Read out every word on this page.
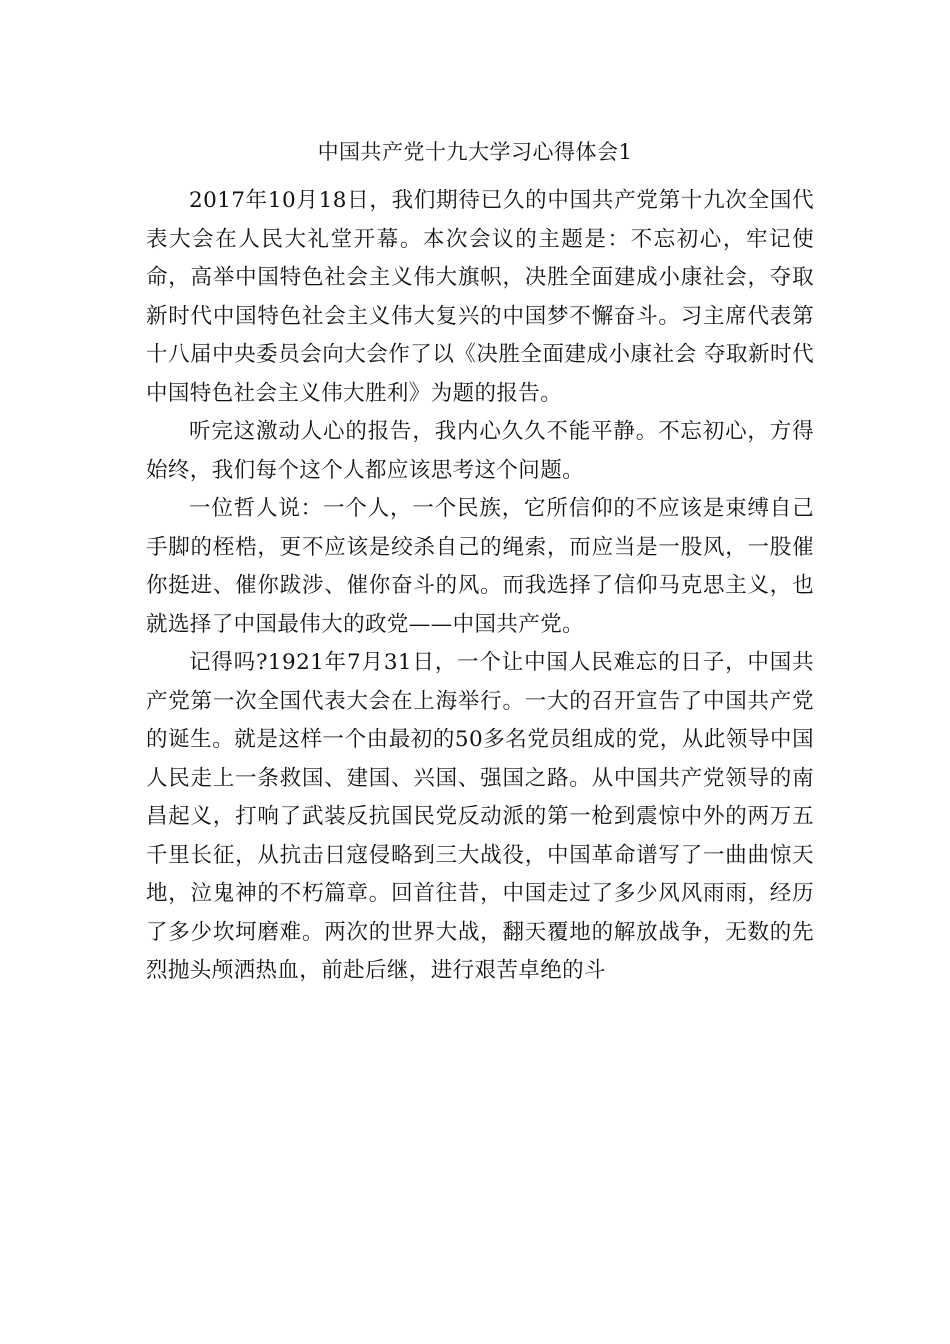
中国共产党十九大学习心得体会1

2017年10月18日，我们期待已久的中国共产党第十九次全国代表大会在人民大礼堂开幕。本次会议的主题是：不忘初心，牢记使命，高举中国特色社会主义伟大旗帜，决胜全面建成小康社会，夺取新时代中国特色社会主义伟大复兴的中国梦不懈奋斗。习主席代表第十八届中央委员会向大会作了以《决胜全面建成小康社会 夺取新时代中国特色社会主义伟大胜利》为题的报告。

听完这激动人心的报告，我内心久久不能平静。不忘初心，方得始终，我们每个这个人都应该思考这个问题。

一位哲人说：一个人，一个民族，它所信仰的不应该是束缚自己手脚的桎梏，更不应该是绞杀自己的绳索，而应当是一股风，一股催你挺进、催你跋涉、催你奋斗的风。而我选择了信仰马克思主义，也就选择了中国最伟大的政党——中国共产党。

记得吗?1921年7月31日，一个让中国人民难忘的日子，中国共产党第一次全国代表大会在上海举行。一大的召开宣告了中国共产党的诞生。就是这样一个由最初的50多名党员组成的党，从此领导中国人民走上一条救国、建国、兴国、强国之路。从中国共产党领导的南昌起义，打响了武装反抗国民党反动派的第一枪到震惊中外的两万五千里长征，从抗击日寇侵略到三大战役，中国革命谱写了一曲曲惊天地，泣鬼神的不朽篇章。回首往昔，中国走过了多少风风雨雨，经历了多少坎坷磨难。两次的世界大战，翻天覆地的解放战争，无数的先烈抛头颅洒热血，前赴后继，进行艰苦卓绝的斗
